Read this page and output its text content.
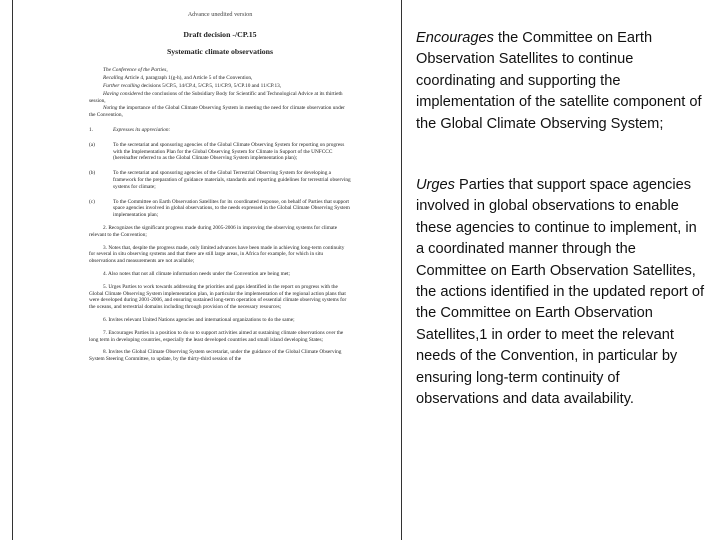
Advance unedited version
Draft decision -/CP.15
Systematic climate observations
The Conference of the Parties,
Recalling Article 4, paragraph 1(g-h), and Article 5 of the Convention,
Further recalling decisions 5/CP.5, 14/CP.4, 5/CP.5, 11/CP.9, 5/CP.10 and 11/CP.13,
Having considered the conclusions of the Subsidiary Body for Scientific and Technological Advice at its thirtieth session,
Noting the importance of the Global Climate Observing System in meeting the need for climate observation under the Convention,
1.	Expresses its appreciation:
(a)	To the secretariat and sponsoring agencies of the Global Climate Observing System for reporting on progress with the Implementation Plan for the Global Observing System for Climate in Support of the UNFCCC (hereinafter referred to as the Global Climate Observing System implementation plan);
(b)	To the secretariat and sponsoring agencies of the Global Terrestrial Observing System for developing a framework for the preparation of guidance materials, standards and reporting guidelines for terrestrial observing systems for climate;
(c)	To the Committee on Earth Observation Satellites for its coordinated response, on behalf of Parties that support space agencies involved in global observations, to the needs expressed in the Global Climate Observing System implementation plan;
2. Recognizes the significant progress made during 2005-2006 in improving the observing systems for climate relevant to the Convention;
3. Notes that, despite the progress made, only limited advances have been made in achieving long-term continuity for several in situ observing systems and that there are still large areas, in Africa for example, for which in situ observations and measurements are not available;
4. Also notes that not all climate information needs under the Convention are being met;
5. Urges Parties to work towards addressing the priorities and gaps identified in the report on progress with the Global Climate Observing System implementation plan, in particular the implementation of the regional action plans that were developed during 2001-2006, and ensuring sustained long-term operation of essential climate observing systems for the oceans, and terrestrial domains including through provision of the necessary resources;
6. Invites relevant United Nations agencies and international organizations to do the same;
7. Encourages Parties in a position to do so to support activities aimed at sustaining climate observations over the long term in developing countries, especially the least developed countries and small island developing States;
8. Invites the Global Climate Observing System secretariat, under the guidance of the Global Climate Observing System Steering Committee, to update, by the thirty-third session of the

Encourages the Committee on Earth Observation Satellites to continue coordinating and supporting the implementation of the satellite component of the Global Climate Observing System;

Urges Parties that support space agencies involved in global observations to enable these agencies to continue to implement, in a coordinated manner through the Committee on Earth Observation Satellites, the actions identified in the updated report of the Committee on Earth Observation Satellites,1 in order to meet the relevant needs of the Convention, in particular by ensuring long-term continuity of observations and data availability.
